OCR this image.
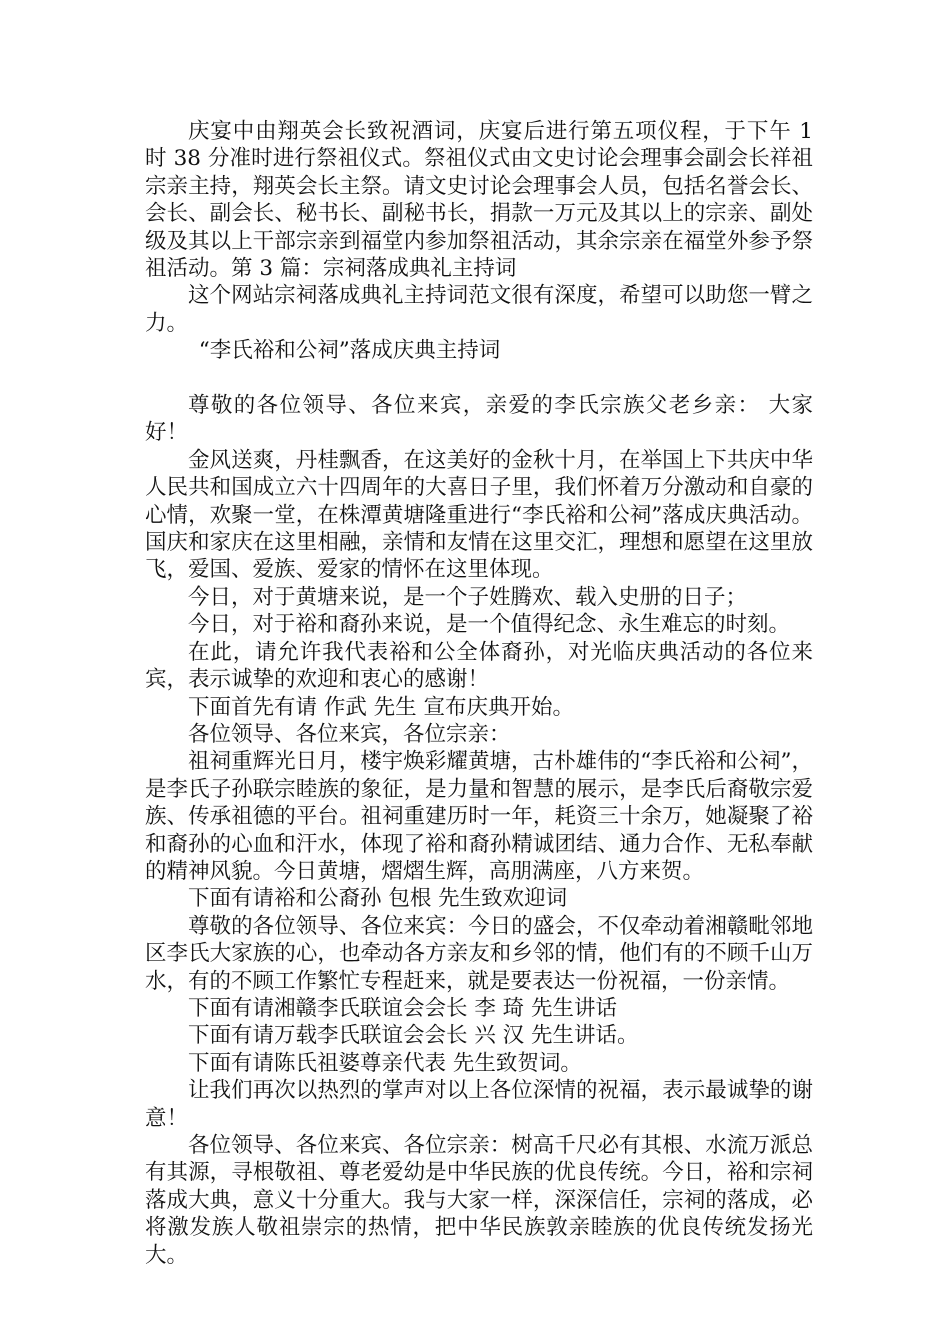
庆宴中由翔英会长致祝酒词，庆宴后进行第五项仪程，于下午 1 时 38 分准时进行祭祖仪式。祭祖仪式由文史讨论会理事会副会长祥祖宗亲主持，翔英会长主祭。请文史讨论会理事会人员，包括名誉会长、会长、副会长、秘书长、副秘书长，捐款一万元及其以上的宗亲、副处级及其以上干部宗亲到福堂内参加祭祖活动，其余宗亲在福堂外参予祭祖活动。第 3 篇：宗祠落成典礼主持词

这个网站宗祠落成典礼主持词范文很有深度，希望可以助您一臂之力。

“李氏裕和公祠”落成庆典主持词

尊敬的各位领导、各位来宾，亲爱的李氏宗族父老乡亲： 大家好！

金风送爽，丹桂飘香，在这美好的金秋十月，在举国上下共庆中华人民共和国成立六十四周年的大喜日子里，我们怀着万分激动和自豪的心情，欢聚一堂，在株潭黄塘隆重进行“李氏裕和公祠”落成庆典活动。国庆和家庆在这里相融，亲情和友情在这里交汇，理想和愿望在这里放飞，爱国、爱族、爱家的情怀在这里体现。

今日，对于黄塘来说，是一个子姓腾欢、载入史册的日子；

今日，对于裕和裔孙来说，是一个值得纪念、永生难忘的时刻。

在此，请允许我代表裕和公全体裔孙，对光临庆典活动的各位来宾，表示诚挚的欢迎和衷心的感谢！

下面首先有请 作武 先生 宣布庆典开始。

各位领导、各位来宾，各位宗亲：

祖祠重辉光日月，楼宇焕彩耀黄塘，古朴雄伟的“李氏裕和公祠”，是李氏子孙联宗睦族的象征，是力量和智慧的展示，是李氏后裔敬宗爱族、传承祖德的平台。祖祠重建历时一年，耗资三十余万，她凝聚了裕和裔孙的心血和汗水，体现了裕和裔孙精诚团结、通力合作、无私奉献的精神风貌。今日黄塘，熠熠生辉，高朋满座，八方来贺。

下面有请裕和公裔孙 包根 先生致欢迎词

尊敬的各位领导、各位来宾：今日的盛会，不仅牵动着湘赣毗邻地区李氏大家族的心，也牵动各方亲友和乡邻的情，他们有的不顾千山万水，有的不顾工作繁忙专程赶来，就是要表达一份祝福，一份亲情。

下面有请湘赣李氏联谊会会长 李 琦 先生讲话

下面有请万载李氏联谊会会长 兴 汉 先生讲话。

下面有请陈氏祖婆尊亲代表 先生致贺词。

让我们再次以热烈的掌声对以上各位深情的祝福，表示最诚挚的谢意！

各位领导、各位来宾、各位宗亲：树高千尺必有其根、水流万派总有其源，寻根敬祖、尊老爱幼是中华民族的优良传统。今日，裕和宗祠落成大典，意义十分重大。我与大家一样，深深信任，宗祠的落成，必将激发族人敬祖崇宗的热情，把中华民族敦亲睦族的优良传统发扬光大。
